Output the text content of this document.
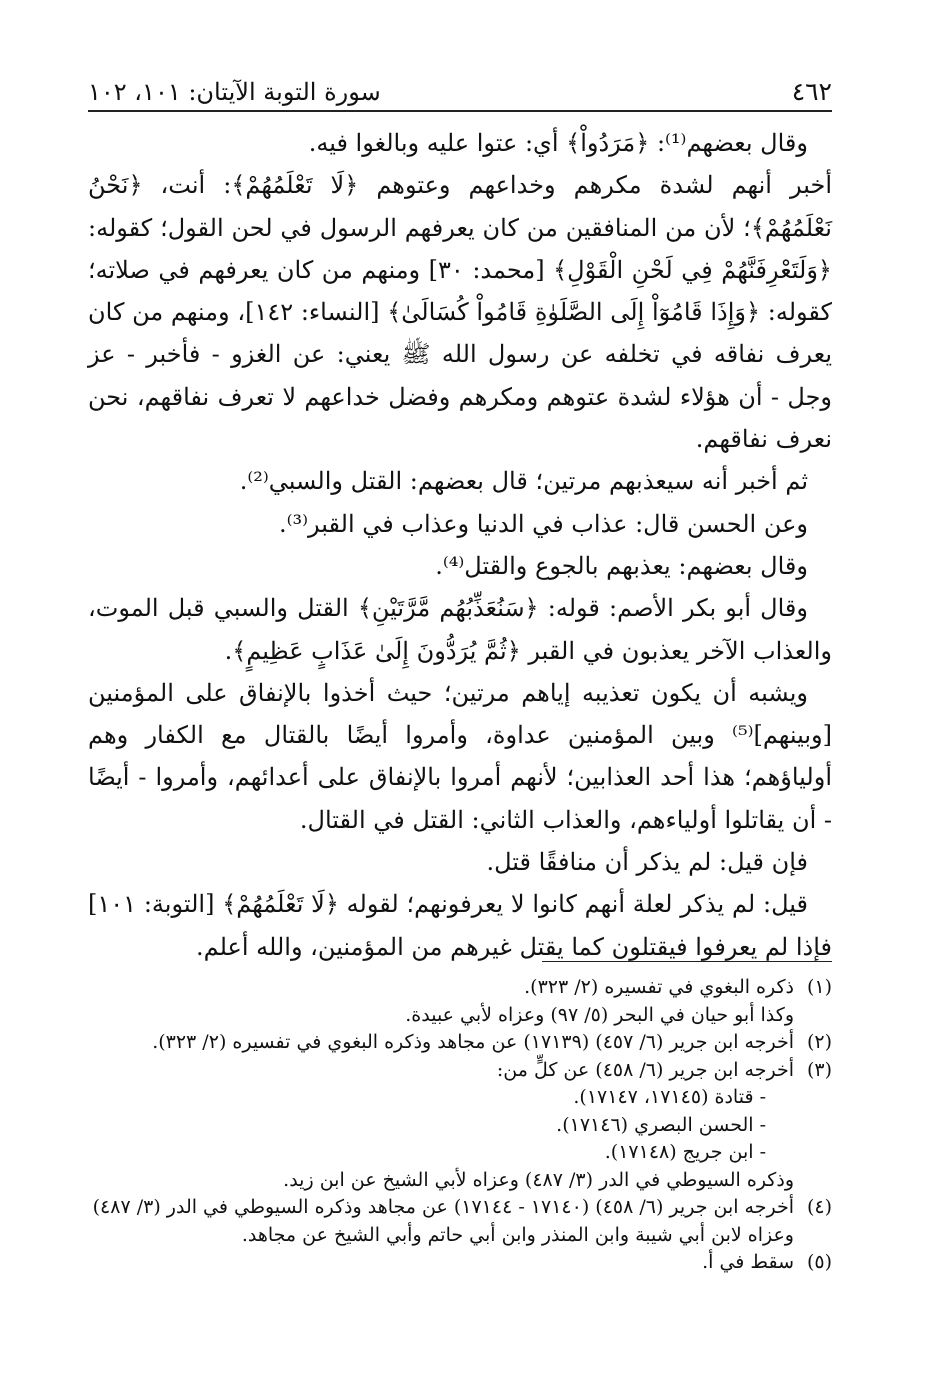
٤٦٢
سورة التوبة الآيتان: ١٠١، ١٠٢

وقال بعضهم⁽¹⁾: ﴿مَرَدُواْ﴾ أي: عتوا عليه وبالغوا فيه.

أخبر أنهم لشدة مكرهم وخداعهم وعتوهم ﴿لَا تَعْلَمُهُمْ﴾: أنت، ﴿نَحْنُ نَعْلَمُهُمْ﴾؛ لأن من المنافقين من كان يعرفهم الرسول في لحن القول؛ كقوله: ﴿وَلَتَعْرِفَنَّهُمْ فِي لَحْنِ الْقَوْلِ﴾ [محمد: ٣٠] ومنهم من كان يعرفهم في صلاته؛ كقوله: ﴿وَإِذَا قَامُوٓاْ إِلَى الصَّلَوٰةِ قَامُواْ كُسَالَىٰ﴾ [النساء: ١٤٢]، ومنهم من كان يعرف نفاقه في تخلفه عن رسول الله ﷺ يعني: عن الغزو - فأخبر - عز وجل - أن هؤلاء لشدة عتوهم ومكرهم وفضل خداعهم لا تعرف نفاقهم، نحن نعرف نفاقهم.

ثم أخبر أنه سيعذبهم مرتين؛ قال بعضهم: القتل والسبي⁽²⁾.

وعن الحسن قال: عذاب في الدنيا وعذاب في القبر⁽³⁾.

وقال بعضهم: يعذبهم بالجوع والقتل⁽⁴⁾.

وقال أبو بكر الأصم: قوله: ﴿سَنُعَذِّبُهُم مَّرَّتَيْنِ﴾ القتل والسبي قبل الموت، والعذاب الآخر يعذبون في القبر ﴿ثُمَّ يُرَدُّونَ إِلَىٰ عَذَابٍ عَظِيمٍ﴾.

ويشبه أن يكون تعذيبه إياهم مرتين؛ حيث أخذوا بالإنفاق على المؤمنين [وبينهم]⁽⁵⁾ وبين المؤمنين عداوة، وأمروا أيضًا بالقتال مع الكفار وهم أولياؤهم؛ هذا أحد العذابين؛ لأنهم أمروا بالإنفاق على أعدائهم، وأمروا - أيضًا - أن يقاتلوا أولياءهم، والعذاب الثاني: القتل في القتال.

فإن قيل: لم يذكر أن منافقًا قتل.

قيل: لم يذكر لعلة أنهم كانوا لا يعرفونهم؛ لقوله ﴿لَا تَعْلَمُهُمْ﴾ [التوبة: ١٠١] فإذا لم يعرفوا فيقتلون كما يقتل غيرهم من المؤمنين، والله أعلم.

(١)
ذكره البغوي في تفسيره (٢/ ٣٢٣).
وكذا أبو حيان في البحر (٥/ ٩٧) وعزاه لأبي عبيدة.
(٢)
أخرجه ابن جرير (٦/ ٤٥٧) (١٧١٣٩) عن مجاهد وذكره البغوي في تفسيره (٢/ ٣٢٣).
(٣)
أخرجه ابن جرير (٦/ ٤٥٨) عن كلٍّ من:
- قتادة (١٧١٤٥، ١٧١٤٧).
- الحسن البصري (١٧١٤٦).
- ابن جريج (١٧١٤٨).
وذكره السيوطي في الدر (٣/ ٤٨٧) وعزاه لأبي الشيخ عن ابن زيد.
(٤)
أخرجه ابن جرير (٦/ ٤٥٨) (١٧١٤٠ - ١٧١٤٤) عن مجاهد وذكره السيوطي في الدر (٣/ ٤٨٧)
وعزاه لابن أبي شيبة وابن المنذر وابن أبي حاتم وأبي الشيخ عن مجاهد.
(٥)
سقط في أ.
